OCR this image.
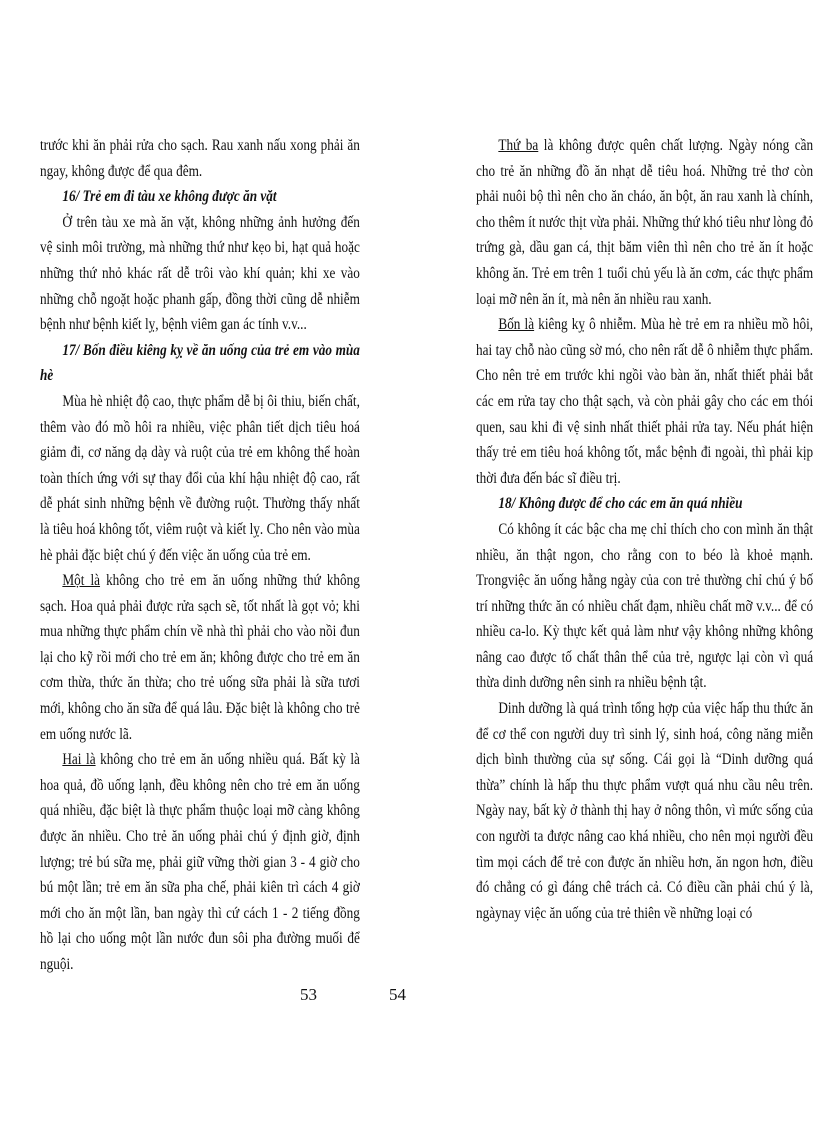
trước khi ăn phải rửa cho sạch. Rau xanh nấu xong phải ăn ngay, không được để qua đêm.

16/ Trẻ em đi tàu xe không được ăn vặt

Ở trên tàu xe mà ăn vặt, không những ảnh hưởng đến vệ sinh môi trường, mà những thứ như kẹo bi, hạt quả hoặc những thứ nhỏ khác rất dễ trôi vào khí quản; khi xe vào những chỗ ngoặt hoặc phanh gấp, đồng thời cũng dễ nhiễm bệnh như bệnh kiết lỵ, bệnh viêm gan ác tính v.v...

17/ Bốn điều kiêng kỵ về ăn uống của trẻ em vào mùa hè

Mùa hè nhiệt độ cao, thực phẩm dễ bị ôi thiu, biến chất, thêm vào đó mồ hôi ra nhiều, việc phân tiết dịch tiêu hoá giảm đi, cơ năng dạ dày và ruột của trẻ em không thể hoàn toàn thích ứng với sự thay đổi của khí hậu nhiệt độ cao, rất dễ phát sinh những bệnh về đường ruột. Thường thấy nhất là tiêu hoá không tốt, viêm ruột và kiết lỵ. Cho nên vào mùa hè phải đặc biệt chú ý đến việc ăn uống của trẻ em.

Một là không cho trẻ em ăn uống những thứ không sạch. Hoa quả phải được rửa sạch sẽ, tốt nhất là gọt vỏ; khi mua những thực phẩm chín về nhà thì phải cho vào nồi đun lại cho kỹ rồi mới cho trẻ em ăn; không được cho trẻ em ăn cơm thừa, thức ăn thừa; cho trẻ uống sữa phải là sữa tươi mới, không cho ăn sữa để quá lâu. Đặc biệt là không cho trẻ em uống nước lã.

Hai là không cho trẻ em ăn uống nhiều quá. Bất kỳ là hoa quả, đồ uống lạnh, đều không nên cho trẻ em ăn uống quá nhiều, đặc biệt là thực phẩm thuộc loại mỡ càng không được ăn nhiều. Cho trẻ ăn uống phải chú ý định giờ, định lượng; trẻ bú sữa mẹ, phải giữ vững thời gian 3 - 4 giờ cho bú một lần; trẻ em ăn sữa pha chế, phải kiên trì cách 4 giờ mới cho ăn một lần, ban ngày thì cứ cách 1 - 2 tiếng đồng hồ lại cho uống một lần nước đun sôi pha đường muối để nguội.

Thứ ba là không được quên chất lượng. Ngày nóng cần cho trẻ ăn những đồ ăn nhạt dễ tiêu hoá. Những trẻ thơ còn phải nuôi bộ thì nên cho ăn cháo, ăn bột, ăn rau xanh là chính, cho thêm ít nước thịt vừa phải. Những thứ khó tiêu như lòng đỏ trứng gà, dầu gan cá, thịt băm viên thì nên cho trẻ ăn ít hoặc không ăn. Trẻ em trên 1 tuổi chủ yếu là ăn cơm, các thực phẩm loại mỡ nên ăn ít, mà nên ăn nhiều rau xanh.

Bốn là kiêng kỵ ô nhiễm. Mùa hè trẻ em ra nhiều mồ hôi, hai tay chỗ nào cũng sờ mó, cho nên rất dễ ô nhiễm thực phẩm. Cho nên trẻ em trước khi ngồi vào bàn ăn, nhất thiết phải bắt các em rửa tay cho thật sạch, và còn phải gây cho các em thói quen, sau khi đi vệ sinh nhất thiết phải rửa tay. Nếu phát hiện thấy trẻ em tiêu hoá không tốt, mắc bệnh đi ngoài, thì phải kịp thời đưa đến bác sĩ điều trị.

18/ Không được để cho các em ăn quá nhiều

Có không ít các bậc cha mẹ chỉ thích cho con mình ăn thật nhiều, ăn thật ngon, cho rằng con to béo là khoẻ mạnh. Trongviệc ăn uống hằng ngày của con trẻ thường chỉ chú ý bố trí những thức ăn có nhiều chất đạm, nhiều chất mỡ v.v... để có nhiều ca-lo. Kỳ thực kết quả làm như vậy không những không nâng cao được tố chất thân thể của trẻ, ngược lại còn vì quá thừa dinh dưỡng nên sinh ra nhiều bệnh tật.

Dinh dưỡng là quá trình tổng hợp của việc hấp thu thức ăn để cơ thể con người duy trì sinh lý, sinh hoá, công năng miễn dịch bình thường của sự sống. Cái gọi là “Dinh dưỡng quá thừa” chính là hấp thu thực phẩm vượt quá nhu cầu nêu trên. Ngày nay, bất kỳ ở thành thị hay ở nông thôn, vì mức sống của con người ta được nâng cao khá nhiều, cho nên mọi người đều tìm mọi cách để trẻ con được ăn nhiều hơn, ăn ngon hơn, điều đó chẳng có gì đáng chê trách cả. Có điều cần phải chú ý là, ngàynay việc ăn uống của trẻ thiên về những loại có

53	54
